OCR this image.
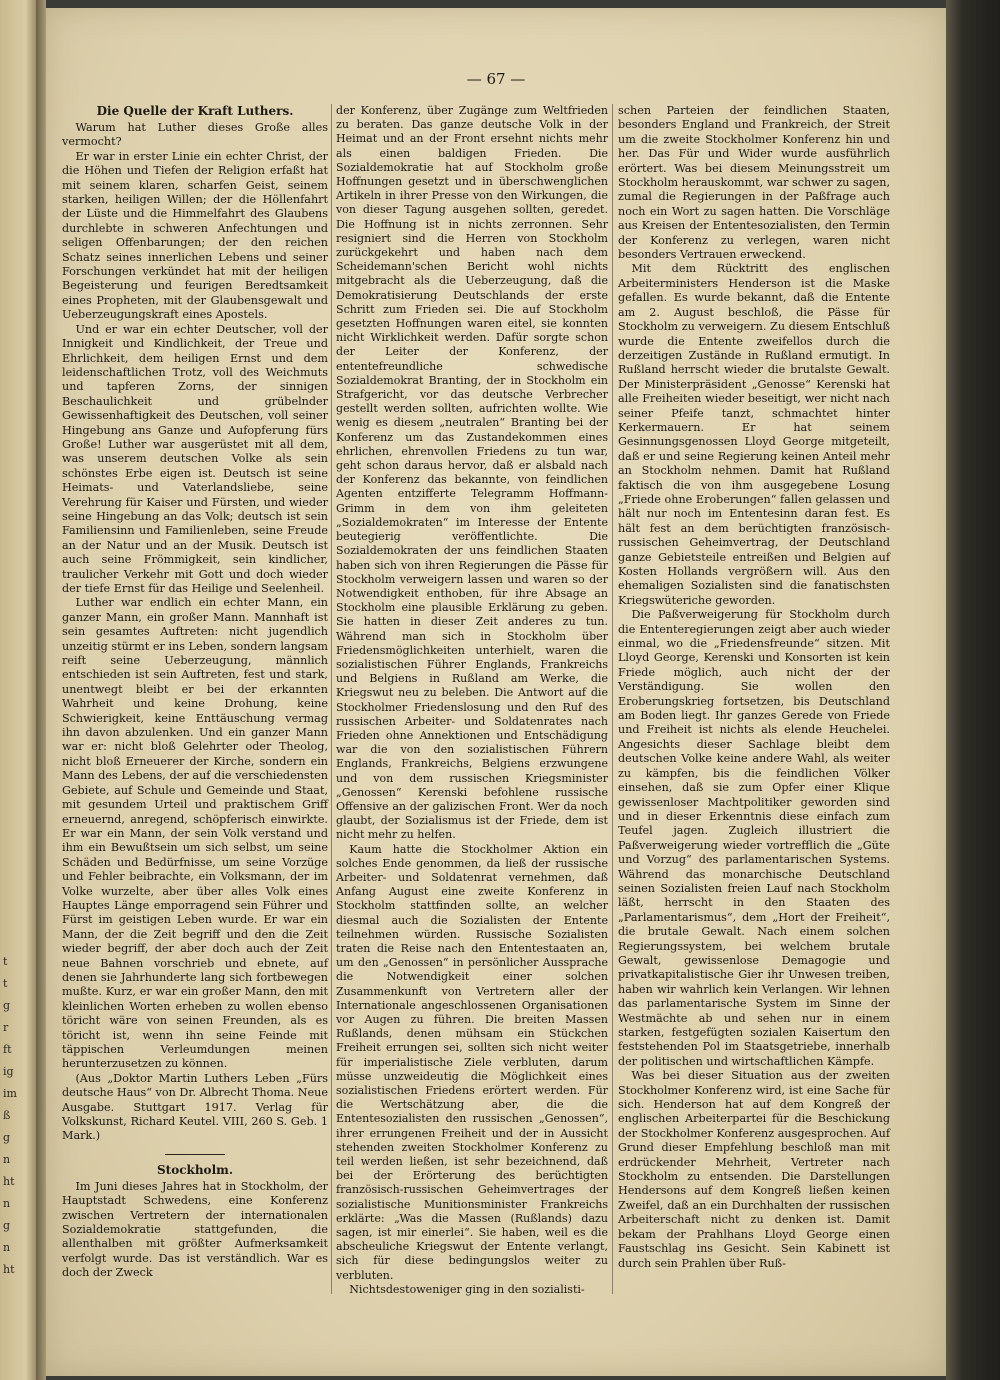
t
t
g
r
ft
ig
im
ß
g
n
ht
n
g
n
ht
— 67 —
Die Quelle der Kraft Luthers.

Warum hat Luther dieses Große alles vermocht?

Er war in erster Linie ein echter Christ, der die Höhen und Tiefen der Religion erfaßt hat mit seinem klaren, scharfen Geist, seinem starken, heiligen Willen; der die Höllenfahrt der Lüste und die Himmelfahrt des Glaubens durchlebte in schweren Anfechtungen und seligen Offenbarungen; der den reichen Schatz seines innerlichen Lebens und seiner Forschungen verkündet hat mit der heiligen Begeisterung und feurigen Beredtsamkeit eines Propheten, mit der Glaubensgewalt und Ueberzeugungskraft eines Apostels.

Und er war ein echter Deutscher, voll der Innigkeit und Kindlichkeit, der Treue und Ehrlichkeit, dem heiligen Ernst und dem leidenschaftlichen Trotz, voll des Weichmuts und tapferen Zorns, der sinnigen Beschaulichkeit und grübelnder Gewissenhaftigkeit des Deutschen, voll seiner Hingebung ans Ganze und Aufopferung fürs Große! Luther war ausgerüstet mit all dem, was unserem deutschen Volke als sein schönstes Erbe eigen ist. Deutsch ist seine Heimats- und Vaterlandsliebe, seine Verehrung für Kaiser und Fürsten, und wieder seine Hingebung an das Volk; deutsch ist sein Familiensinn und Familienleben, seine Freude an der Natur und an der Musik. Deutsch ist auch seine Frömmigkeit, sein kindlicher, traulicher Verkehr mit Gott und doch wieder der tiefe Ernst für das Heilige und Seelenheil.

Luther war endlich ein echter Mann, ein ganzer Mann, ein großer Mann. Mannhaft ist sein gesamtes Auftreten: nicht jugendlich unzeitig stürmt er ins Leben, sondern langsam reift seine Ueberzeugung, männlich entschieden ist sein Auftreten, fest und stark, unentwegt bleibt er bei der erkannten Wahrheit und keine Drohung, keine Schwierigkeit, keine Enttäuschung vermag ihn davon abzulenken. Und ein ganzer Mann war er: nicht bloß Gelehrter oder Theolog, nicht bloß Erneuerer der Kirche, sondern ein Mann des Lebens, der auf die verschiedensten Gebiete, auf Schule und Gemeinde und Staat, mit gesundem Urteil und praktischem Griff erneuernd, anregend, schöpferisch einwirkte. Er war ein Mann, der sein Volk verstand und ihm ein Bewußtsein um sich selbst, um seine Schäden und Bedürfnisse, um seine Vorzüge und Fehler beibrachte, ein Volksmann, der im Volke wurzelte, aber über alles Volk eines Hauptes Länge emporragend sein Führer und Fürst im geistigen Leben wurde. Er war ein Mann, der die Zeit begriff und den die Zeit wieder begriff, der aber doch auch der Zeit neue Bahnen vorschrieb und ebnete, auf denen sie Jahrhunderte lang sich fortbewegen mußte. Kurz, er war ein großer Mann, den mit kleinlichen Worten erheben zu wollen ebenso töricht wäre von seinen Freunden, als es töricht ist, wenn ihn seine Feinde mit täppischen Verleumdungen meinen herunterzusetzen zu können.

(Aus „Doktor Martin Luthers Leben „Fürs deutsche Haus“ von Dr. Albrecht Thoma. Neue Ausgabe. Stuttgart 1917. Verlag für Volkskunst, Richard Keutel. VIII, 260 S. Geb. 1 Mark.)

Stockholm.

Im Juni dieses Jahres hat in Stockholm, der Hauptstadt Schwedens, eine Konferenz zwischen Vertretern der internationalen Sozialdemokratie stattgefunden, die allenthalben mit größter Aufmerksamkeit verfolgt wurde. Das ist verständlich. War es doch der Zweck

der Konferenz, über Zugänge zum Weltfrieden zu beraten. Das ganze deutsche Volk in der Heimat und an der Front ersehnt nichts mehr als einen baldigen Frieden. Die Sozialdemokratie hat auf Stockholm große Hoffnungen gesetzt und in überschwenglichen Artikeln in ihrer Presse von den Wirkungen, die von dieser Tagung ausgehen sollten, geredet. Die Hoffnung ist in nichts zerronnen. Sehr resigniert sind die Herren von Stockholm zurückgekehrt und haben nach dem Scheidemann'schen Bericht wohl nichts mitgebracht als die Ueberzeugung, daß die Demokratisierung Deutschlands der erste Schritt zum Frieden sei. Die auf Stockholm gesetzten Hoffnungen waren eitel, sie konnten nicht Wirklichkeit werden. Dafür sorgte schon der Leiter der Konferenz, der ententefreundliche schwedische Sozialdemokrat Branting, der in Stockholm ein Strafgericht, vor das deutsche Verbrecher gestellt werden sollten, aufrichten wollte. Wie wenig es diesem „neutralen“ Branting bei der Konferenz um das Zustandekommen eines ehrlichen, ehrenvollen Friedens zu tun war, geht schon daraus hervor, daß er alsbald nach der Konferenz das bekannte, von feindlichen Agenten entzifferte Telegramm Hoffmann-Grimm in dem von ihm geleiteten „Sozialdemokraten“ im Interesse der Entente beutegierig veröffentlichte. Die Sozialdemokraten der uns feindlichen Staaten haben sich von ihren Regierungen die Pässe für Stockholm verweigern lassen und waren so der Notwendigkeit enthoben, für ihre Absage an Stockholm eine plausible Erklärung zu geben. Sie hatten in dieser Zeit anderes zu tun. Während man sich in Stockholm über Friedensmöglichkeiten unterhielt, waren die sozialistischen Führer Englands, Frankreichs und Belgiens in Rußland am Werke, die Kriegswut neu zu beleben. Die Antwort auf die Stockholmer Friedenslosung und den Ruf des russischen Arbeiter- und Soldatenrates nach Frieden ohne Annektionen und Entschädigung war die von den sozialistischen Führern Englands, Frankreichs, Belgiens erzwungene und von dem russischen Kriegsminister „Genossen“ Kerenski befohlene russische Offensive an der galizischen Front. Wer da noch glaubt, der Sozialismus ist der Friede, dem ist nicht mehr zu helfen.

Kaum hatte die Stockholmer Aktion ein solches Ende genommen, da ließ der russische Arbeiter- und Soldatenrat vernehmen, daß Anfang August eine zweite Konferenz in Stockholm stattfinden sollte, an welcher diesmal auch die Sozialisten der Entente teilnehmen würden. Russische Sozialisten traten die Reise nach den Ententestaaten an, um den „Genossen“ in persönlicher Aussprache die Notwendigkeit einer solchen Zusammenkunft von Vertretern aller der Internationale angeschlossenen Organisationen vor Augen zu führen. Die breiten Massen Rußlands, denen mühsam ein Stückchen Freiheit errungen sei, sollten sich nicht weiter für imperialistische Ziele verbluten, darum müsse unzweideutig die Möglichkeit eines sozialistischen Friedens erörtert werden. Für die Wertschätzung aber, die die Ententesozialisten den russischen „Genossen“, ihrer errungenen Freiheit und der in Aussicht stehenden zweiten Stockholmer Konferenz zu teil werden ließen, ist sehr bezeichnend, daß bei der Erörterung des berüchtigten französisch-russischen Geheimvertrages der sozialistische Munitionsminister Frankreichs erklärte: „Was die Massen (Rußlands) dazu sagen, ist mir einerlei“. Sie haben, weil es die abscheuliche Kriegswut der Entente verlangt, sich für diese bedingungslos weiter zu verbluten.

Nichtsdestoweniger ging in den sozialisti-

schen Parteien der feindlichen Staaten, besonders England und Frankreich, der Streit um die zweite Stockholmer Konferenz hin und her. Das Für und Wider wurde ausführlich erörtert. Was bei diesem Meinungsstreit um Stockholm herauskommt, war schwer zu sagen, zumal die Regierungen in der Paßfrage auch noch ein Wort zu sagen hatten. Die Vorschläge aus Kreisen der Ententesozialisten, den Termin der Konferenz zu verlegen, waren nicht besonders Vertrauen erweckend.

Mit dem Rücktritt des englischen Arbeiterministers Henderson ist die Maske gefallen. Es wurde bekannt, daß die Entente am 2. August beschloß, die Pässe für Stockholm zu verweigern. Zu diesem Entschluß wurde die Entente zweifellos durch die derzeitigen Zustände in Rußland ermutigt. In Rußland herrscht wieder die brutalste Gewalt. Der Ministerpräsident „Genosse“ Kerenski hat alle Freiheiten wieder beseitigt, wer nicht nach seiner Pfeife tanzt, schmachtet hinter Kerkermauern. Er hat seinem Gesinnungsgenossen Lloyd George mitgeteilt, daß er und seine Regierung keinen Anteil mehr an Stockholm nehmen. Damit hat Rußland faktisch die von ihm ausgegebene Losung „Friede ohne Eroberungen“ fallen gelassen und hält nur noch im Ententesinn daran fest. Es hält fest an dem berüchtigten französisch-russischen Geheimvertrag, der Deutschland ganze Gebietsteile entreißen und Belgien auf Kosten Hollands vergrößern will. Aus den ehemaligen Sozialisten sind die fanatischsten Kriegswüteriche geworden.

Die Paßverweigerung für Stockholm durch die Ententeregierungen zeigt aber auch wieder einmal, wo die „Friedensfreunde“ sitzen. Mit Lloyd George, Kerenski und Konsorten ist kein Friede möglich, auch nicht der der Verständigung. Sie wollen den Eroberungskrieg fortsetzen, bis Deutschland am Boden liegt. Ihr ganzes Gerede von Friede und Freiheit ist nichts als elende Heuchelei. Angesichts dieser Sachlage bleibt dem deutschen Volke keine andere Wahl, als weiter zu kämpfen, bis die feindlichen Völker einsehen, daß sie zum Opfer einer Klique gewissenloser Machtpolitiker geworden sind und in dieser Erkenntnis diese einfach zum Teufel jagen. Zugleich illustriert die Paßverweigerung wieder vortrefflich die „Güte und Vorzug“ des parlamentarischen Systems. Während das monarchische Deutschland seinen Sozialisten freien Lauf nach Stockholm läßt, herrscht in den Staaten des „Parlamentarismus“, dem „Hort der Freiheit“, die brutale Gewalt. Nach einem solchen Regierungssystem, bei welchem brutale Gewalt, gewissenlose Demagogie und privatkapitalistische Gier ihr Unwesen treiben, haben wir wahrlich kein Verlangen. Wir lehnen das parlamentarische System im Sinne der Westmächte ab und sehen nur in einem starken, festgefügten sozialen Kaisertum den feststehenden Pol im Staatsgetriebe, innerhalb der politischen und wirtschaftlichen Kämpfe.

Was bei dieser Situation aus der zweiten Stockholmer Konferenz wird, ist eine Sache für sich. Henderson hat auf dem Kongreß der englischen Arbeiterpartei für die Beschickung der Stockholmer Konferenz ausgesprochen. Auf Grund dieser Empfehlung beschloß man mit erdrückender Mehrheit, Vertreter nach Stockholm zu entsenden. Die Darstellungen Hendersons auf dem Kongreß ließen keinen Zweifel, daß an ein Durchhalten der russischen Arbeiterschaft nicht zu denken ist. Damit bekam der Prahlhans Lloyd George einen Faustschlag ins Gesicht. Sein Kabinett ist durch sein Prahlen über Ruß-
